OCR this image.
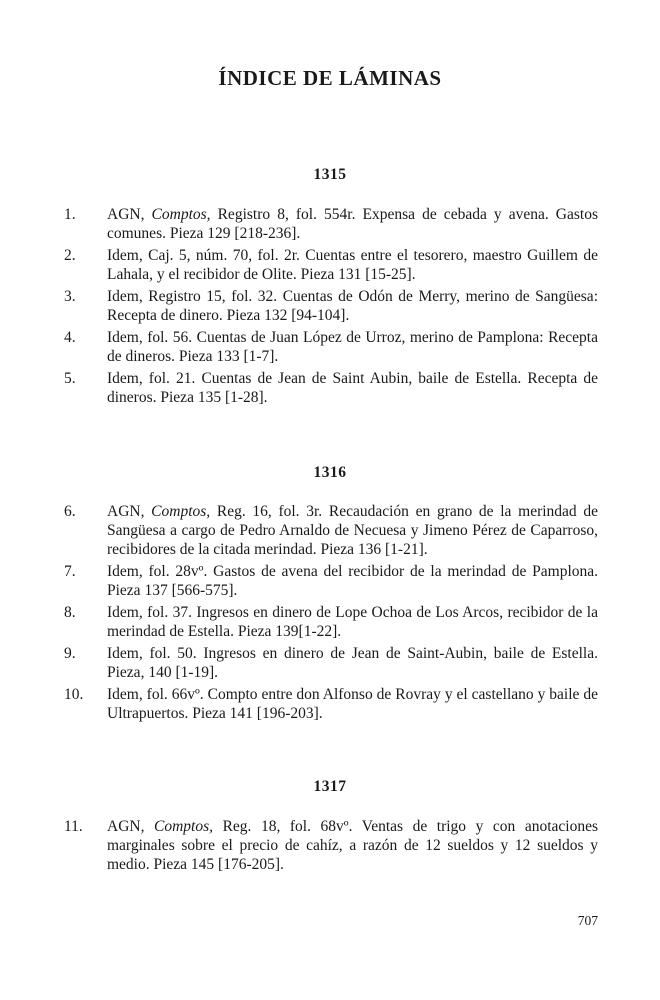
ÍNDICE DE LÁMINAS
1315
1. AGN, Comptos, Registro 8, fol. 554r. Expensa de cebada y avena. Gastos comunes. Pieza 129 [218-236].
2. Idem, Caj. 5, núm. 70, fol. 2r. Cuentas entre el tesorero, maestro Guillem de Lahala, y el recibidor de Olite. Pieza 131 [15-25].
3. Idem, Registro 15, fol. 32. Cuentas de Odón de Merry, merino de Sangüesa: Recepta de dinero. Pieza 132 [94-104].
4. Idem, fol. 56. Cuentas de Juan López de Urroz, merino de Pamplona: Recepta de dineros. Pieza 133 [1-7].
5. Idem, fol. 21. Cuentas de Jean de Saint Aubin, baile de Estella. Recepta de dineros. Pieza 135 [1-28].
1316
6. AGN, Comptos, Reg. 16, fol. 3r. Recaudación en grano de la merindad de Sangüesa a cargo de Pedro Arnaldo de Necuesa y Jimeno Pérez de Caparroso, recibidores de la citada merindad. Pieza 136 [1-21].
7. Idem, fol. 28vº. Gastos de avena del recibidor de la merindad de Pamplona. Pieza 137 [566-575].
8. Idem, fol. 37. Ingresos en dinero de Lope Ochoa de Los Arcos, recibidor de la merindad de Estella. Pieza 139[1-22].
9. Idem, fol. 50. Ingresos en dinero de Jean de Saint-Aubin, baile de Estella. Pieza, 140 [1-19].
10. Idem, fol. 66vº. Compto entre don Alfonso de Rovray y el castellano y baile de Ultrapuertos. Pieza 141 [196-203].
1317
11. AGN, Comptos, Reg. 18, fol. 68vº. Ventas de trigo y con anotaciones marginales sobre el precio de cahíz, a razón de 12 sueldos y 12 sueldos y medio. Pieza 145 [176-205].

707
